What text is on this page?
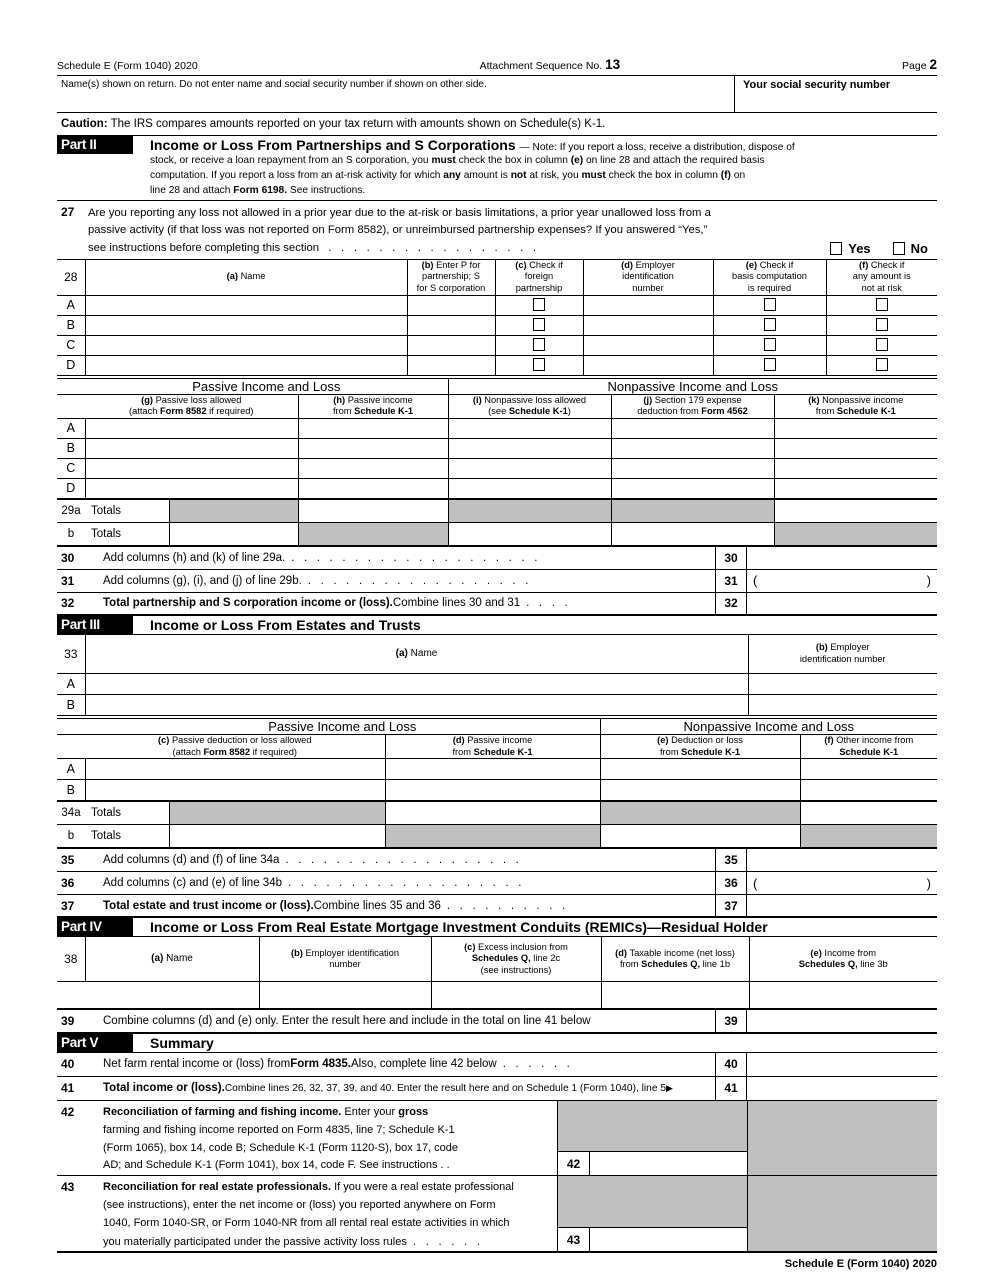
Schedule E (Form 1040) 2020	Attachment Sequence No. 13	Page 2
Name(s) shown on return. Do not enter name and social security number if shown on other side.	Your social security number
Caution: The IRS compares amounts reported on your tax return with amounts shown on Schedule(s) K-1.
Part II	Income or Loss From Partnerships and S Corporations — Note: If you report a loss, receive a distribution, dispose of
stock, or receive a loan repayment from an S corporation, you must check the box in column (e) on line 28 and attach the required basis
computation. If you report a loss from an at-risk activity for which any amount is not at risk, you must check the box in column (f) on
line 28 and attach Form 6198. See instructions.
27	Are you reporting any loss not allowed in a prior year due to the at-risk or basis limitations, a prior year unallowed loss from a
passive activity (if that loss was not reported on Form 8582), or unreimbursed partnership expenses? If you answered “Yes,”
see instructions before completing this section . . . . . . . . . . . . . . . . .	Yes	No
28	(a) Name	(b) Enter P for
partnership; S
for S corporation	(c) Check if
foreign
partnership	(d) Employer
identification
number	(e) Check if
basis computation
is required	(f) Check if
any amount is
not at risk
A						
B						
C						
D						
	Passive Income and Loss		Nonpassive Income and Loss		
	(g) Passive loss allowed
(attach Form 8582 if required)	(h) Passive income
from Schedule K-1	(i) Nonpassive loss allowed
(see Schedule K-1)	(j) Section 179 expense
deduction from Form 4562	(k) Nonpassive income
from Schedule K-1
A					
B					
C					
D					
29a	Totals					
b	Totals					
30	Add columns (h) and (k) of line 29a. . . . . . . . . . . . . . . . . . . . .	30
31	Add columns (g), (i), and (j) of line 29b. . . . . . . . . . . . . . . . . . .	31	(	)
32	Total partnership and S corporation income or (loss). Combine lines 30 and 31 . . . .	32
Part III	Income or Loss From Estates and Trusts
33	(a) Name	(b) Employer
identification number
A		
B		
	Passive Income and Loss		Nonpassive Income and Loss	
	(c) Passive deduction or loss allowed
(attach Form 8582 if required)	(d) Passive income
from Schedule K-1	(e) Deduction or loss
from Schedule K-1	(f) Other income from
Schedule K-1
A				
B				
34a	Totals				
b	Totals				
35	Add columns (d) and (f) of line 34a . . . . . . . . . . . . . . . . . . .	35
36	Add columns (c) and (e) of line 34b . . . . . . . . . . . . . . . . . . .	36	(	)
37	Total estate and trust income or (loss). Combine lines 35 and 36 . . . . . . . . . .	37
Part IV	Income or Loss From Real Estate Mortgage Investment Conduits (REMICs)—Residual Holder
38	(a) Name	(b) Employer identification
number	(c) Excess inclusion from
Schedules Q, line 2c
(see instructions)	(d) Taxable income (net loss)
from Schedules Q, line 1b	(e) Income from
Schedules Q, line 3b

39	Combine columns (d) and (e) only. Enter the result here and include in the total on line 41 below	39
Part V	Summary
40	Net farm rental income or (loss) from Form 4835. Also, complete line 42 below . . . . . .	40
41	Total income or (loss). Combine lines 26, 32, 37, 39, and 40. Enter the result here and on Schedule 1 (Form 1040), line 5 ▶	41
42	Reconciliation of farming and fishing income. Enter your gross
farming and fishing income reported on Form 4835, line 7; Schedule K-1
(Form 1065), box 14, code B; Schedule K-1 (Form 1120-S), box 17, code
AD; and Schedule K-1 (Form 1041), box 14, code F. See instructions . .	42
43	Reconciliation for real estate professionals. If you were a real estate professional
(see instructions), enter the net income or (loss) you reported anywhere on Form
1040, Form 1040-SR, or Form 1040-NR from all rental real estate activities in which
you materially participated under the passive activity loss rules . . . . . .	43
Schedule E (Form 1040) 2020
